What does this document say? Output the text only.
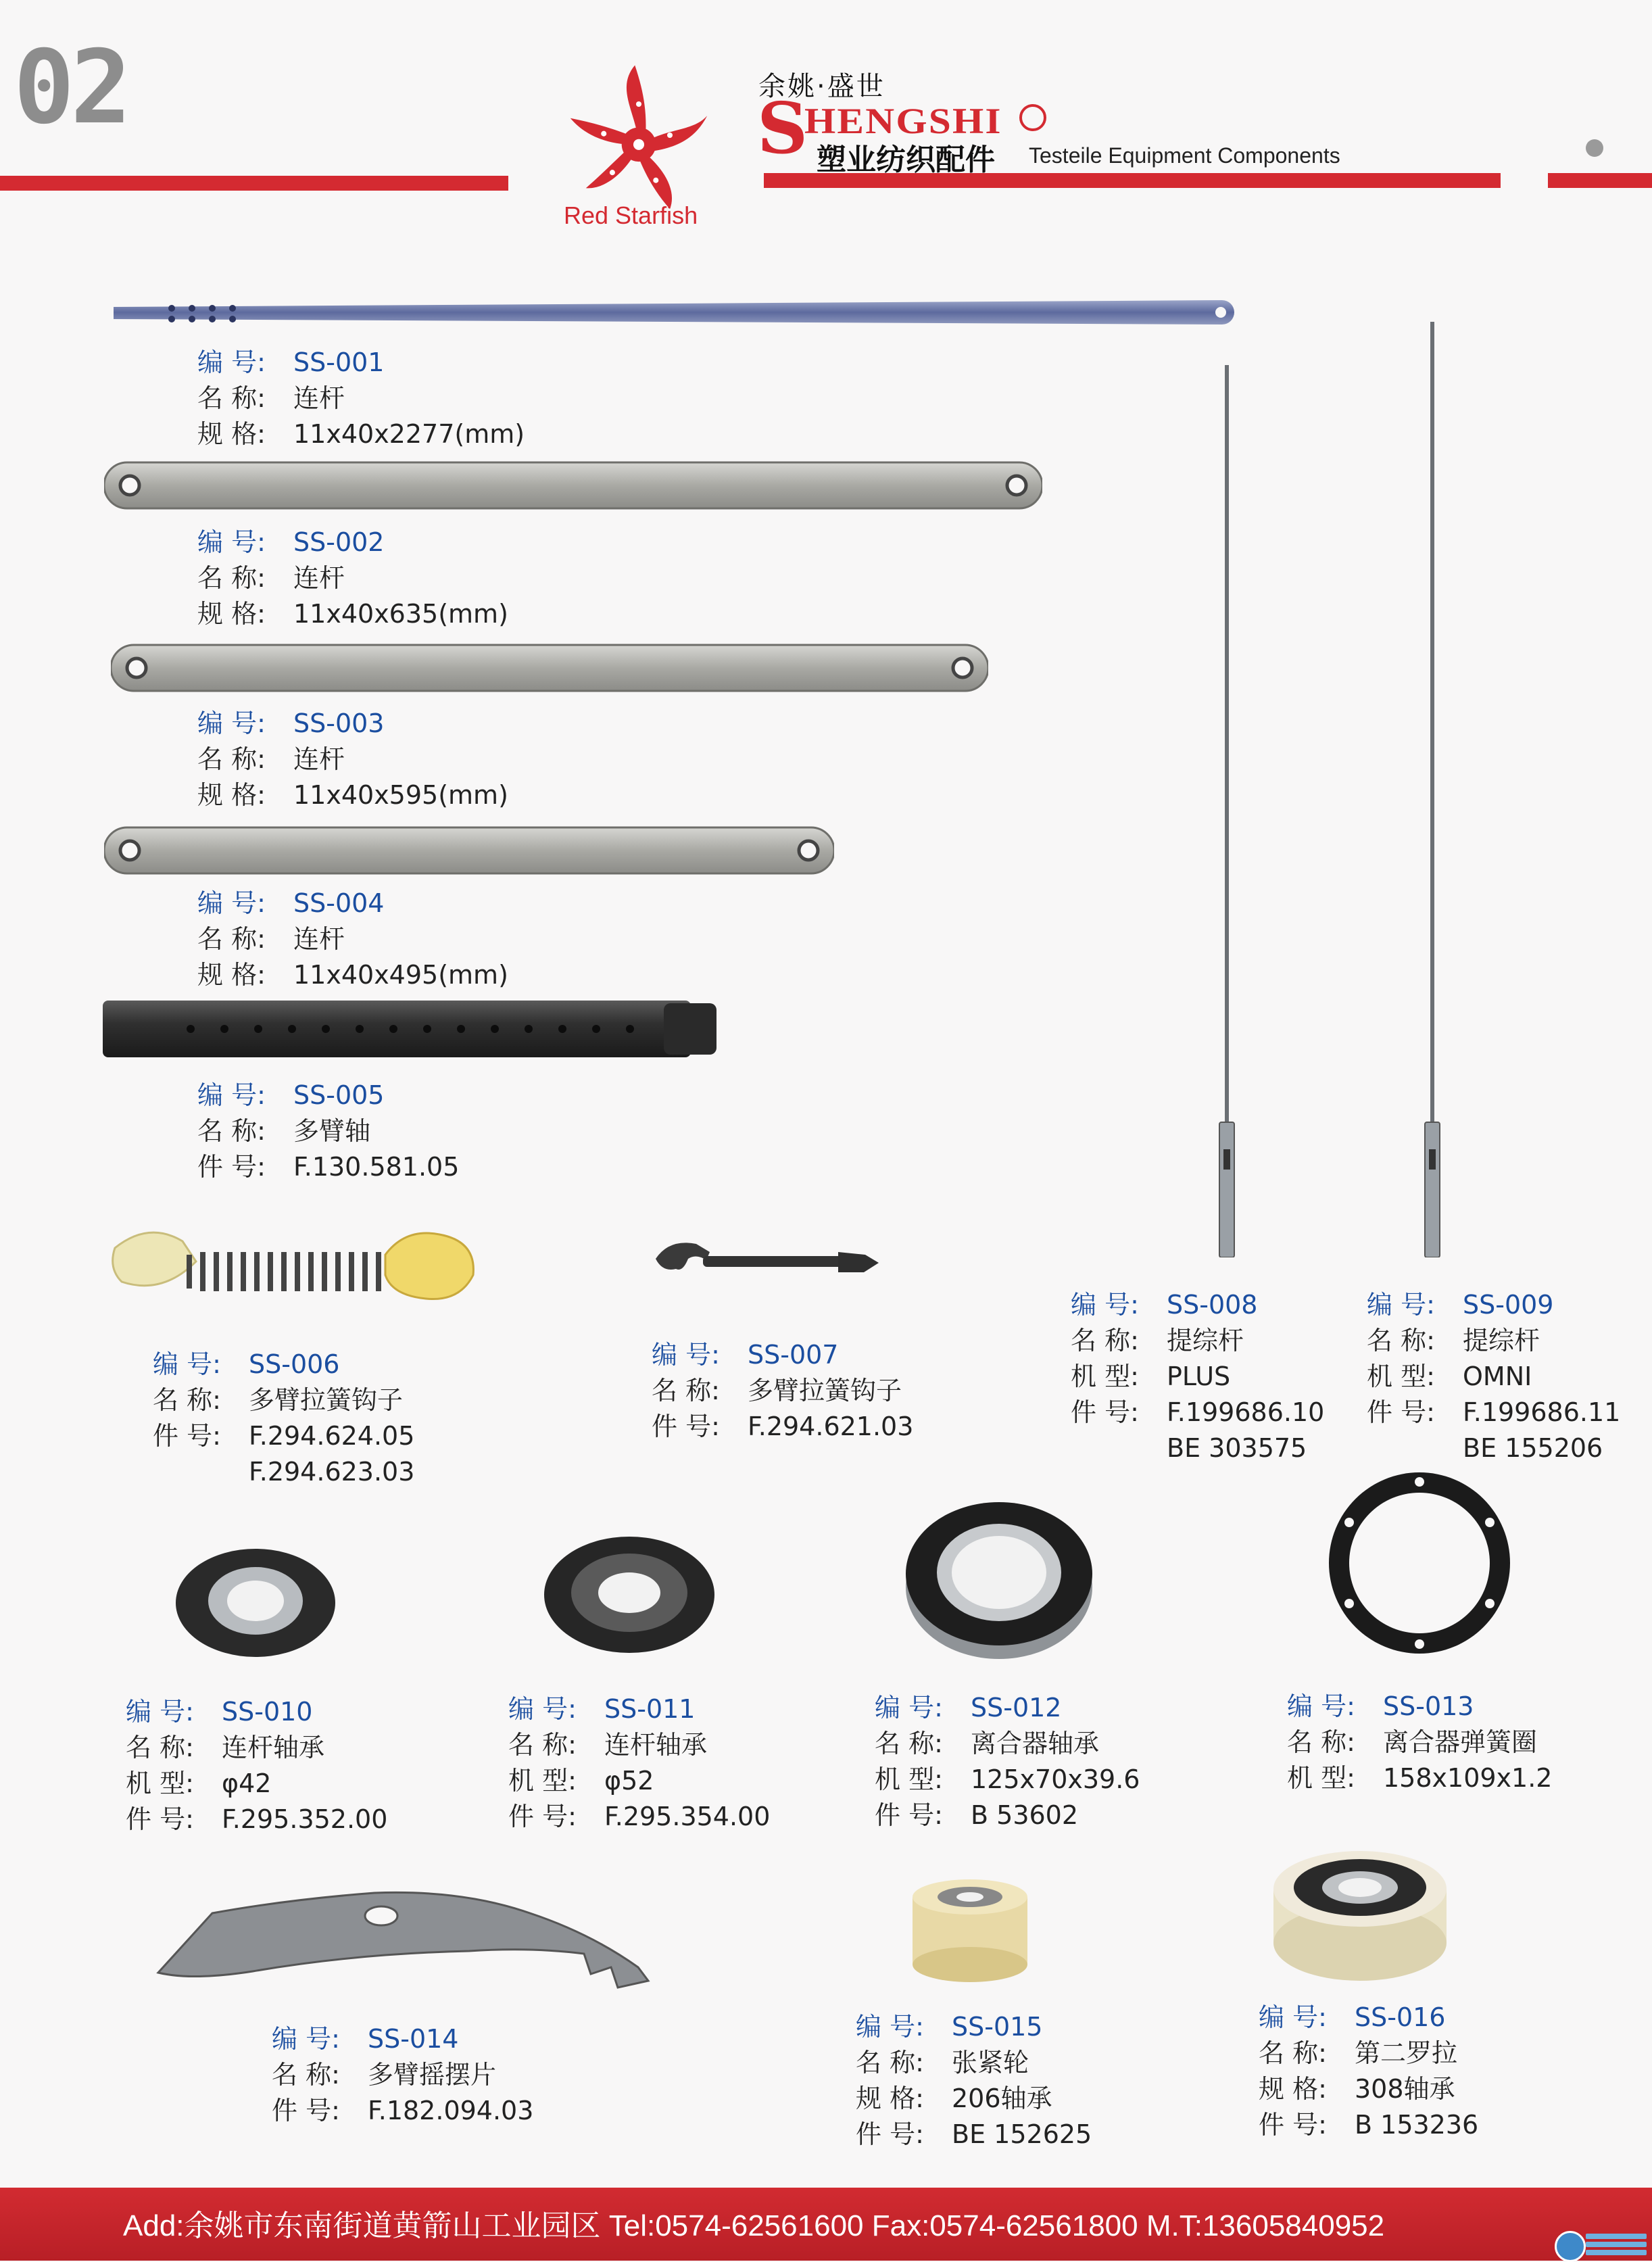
02
Red Starfish
余姚·盛世
S
HENGSHI
塑业纺织配件 Testeile Equipment Components
编 号: SS-001
名 称: 连杆
规 格: 11x40x2277(mm)
编 号: SS-002
名 称: 连杆
规 格: 11x40x635(mm)
编 号: SS-003
名 称: 连杆
规 格: 11x40x595(mm)
编 号: SS-004
名 称: 连杆
规 格: 11x40x495(mm)
编 号: SS-005
名 称: 多臂轴
件 号: F.130.581.05
编 号: SS-006
名 称: 多臂拉簧钩子
件 号: F.294.624.05
F.294.623.03
编 号: SS-007
名 称: 多臂拉簧钩子
件 号: F.294.621.03
编 号: SS-008
名 称: 提综杆
机 型: PLUS
件 号: F.199686.10
BE 303575
编 号: SS-009
名 称: 提综杆
机 型: OMNI
件 号: F.199686.11
BE 155206
编 号: SS-010
名 称: 连杆轴承
机 型: φ42
件 号: F.295.352.00
编 号: SS-011
名 称: 连杆轴承
机 型: φ52
件 号: F.295.354.00
编 号: SS-012
名 称: 离合器轴承
机 型: 125x70x39.6
件 号: B 53602
编 号: SS-013
名 称: 离合器弹簧圈
机 型: 158x109x1.2
编 号: SS-014
名 称: 多臂摇摆片
件 号: F.182.094.03
编 号: SS-015
名 称: 张紧轮
规 格: 206轴承
件 号: BE 152625
编 号: SS-016
名 称: 第二罗拉
规 格: 308轴承
件 号: B 153236
Add:余姚市东南街道黄箭山工业园区 Tel:0574-62561600 Fax:0574-62561800 M.T:13605840952
